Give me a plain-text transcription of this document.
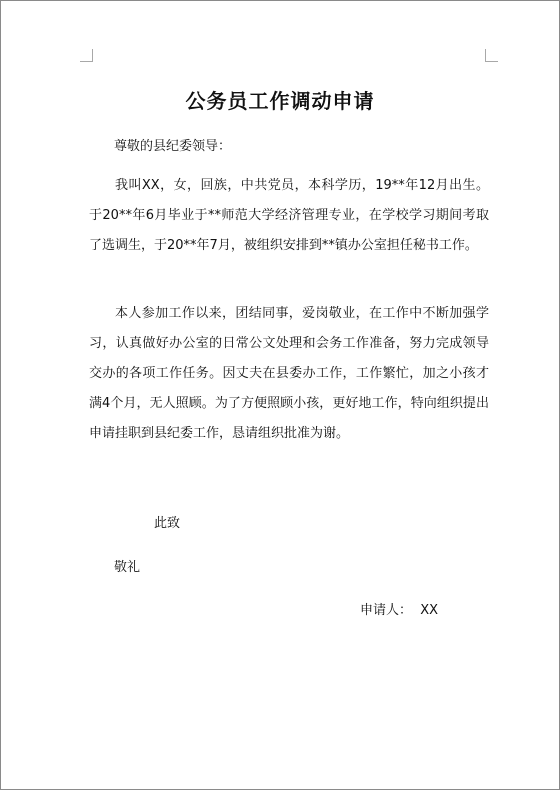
公务员工作调动申请
尊敬的县纪委领导：

我叫XX，女，回族，中共党员，本科学历，19**年12月出生。于20**年6月毕业于**师范大学经济管理专业，在学校学习期间考取了选调生，于20**年7月，被组织安排到**镇办公室担任秘书工作。

本人参加工作以来，团结同事，爱岗敬业，在工作中不断加强学习，认真做好办公室的日常公文处理和会务工作准备，努力完成领导交办的各项工作任务。因丈夫在县委办工作，工作繁忙，加之小孩才满4个月，无人照顾。为了方便照顾小孩，更好地工作，特向组织提出申请挂职到县纪委工作，恳请组织批准为谢。

此致
敬礼
申请人：  XX
